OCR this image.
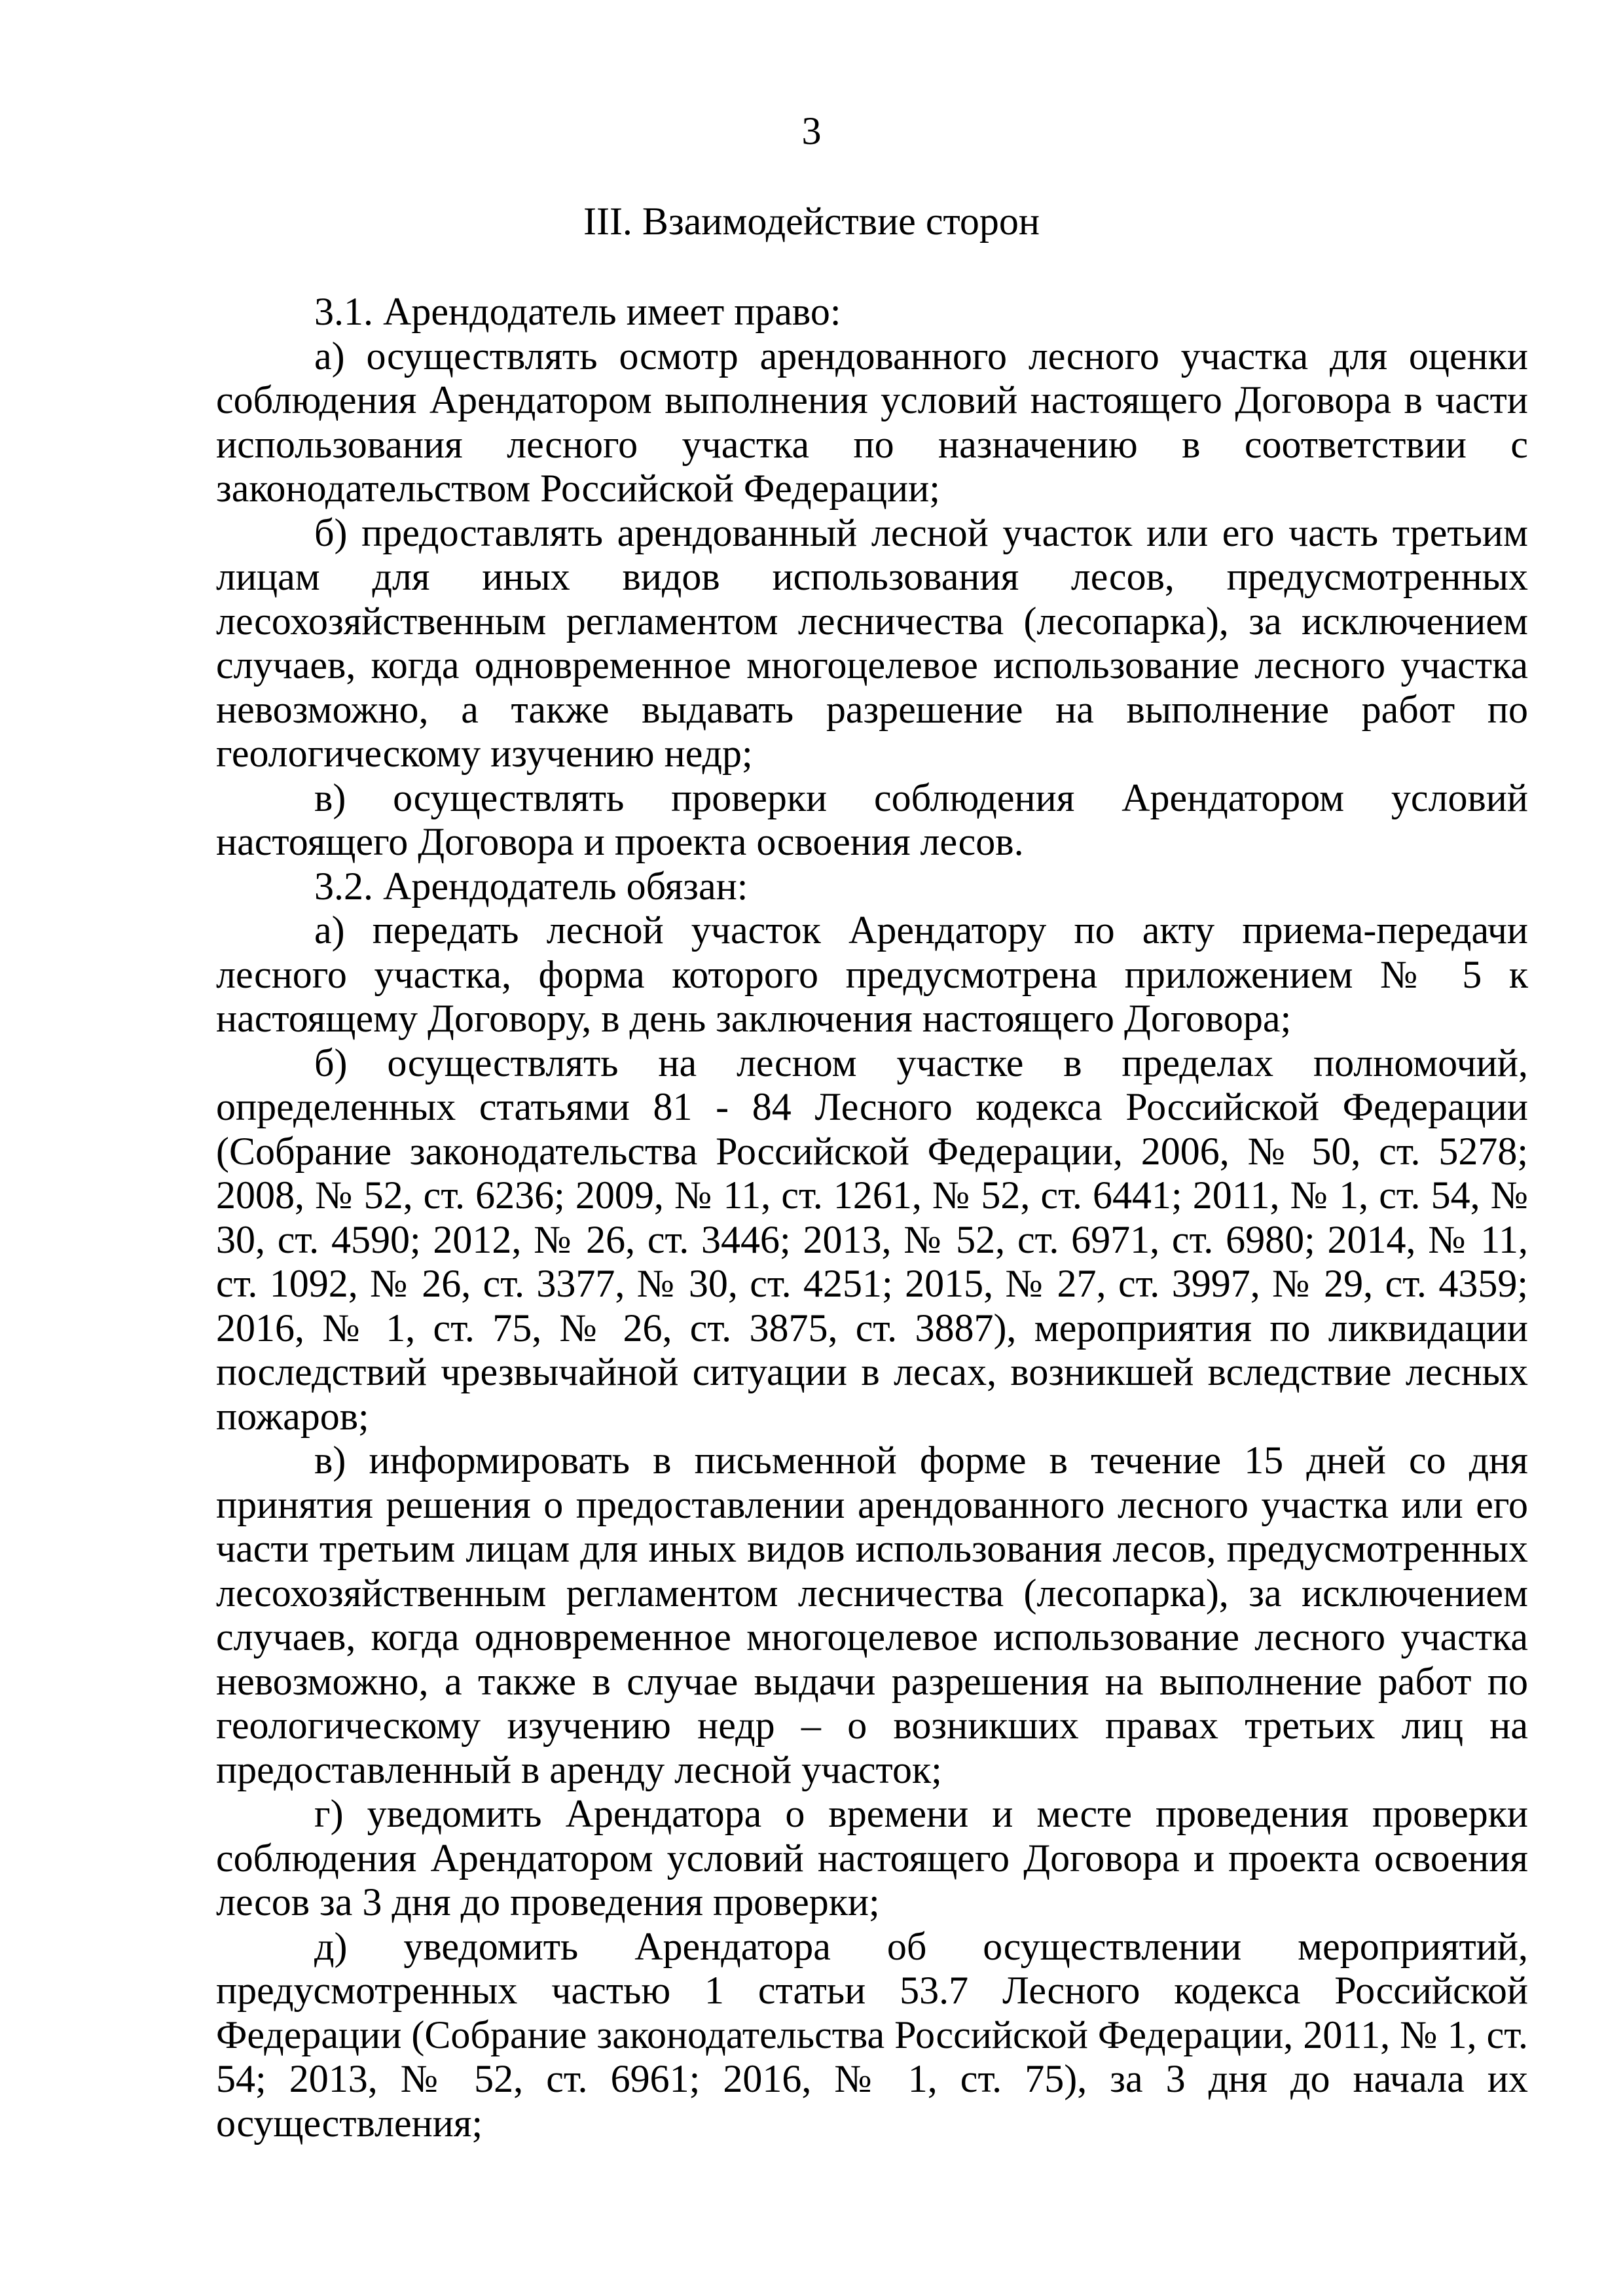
3
III. Взаимодействие сторон

3.1. Арендодатель имеет право:

а) осуществлять осмотр арендованного лесного участка для оценки соблюдения Арендатором выполнения условий настоящего Договора в части использования лесного участка по назначению в соответствии с законодательством Российской Федерации;

б) предоставлять арендованный лесной участок или его часть третьим лицам для иных видов использования лесов, предусмотренных лесохозяйственным регламентом лесничества (лесопарка), за исключением случаев, когда одновременное многоцелевое использование лесного участка невозможно, а также выдавать разрешение на выполнение работ по геологическому изучению недр;

в) осуществлять проверки соблюдения Арендатором условий настоящего Договора и проекта освоения лесов.

3.2. Арендодатель обязан:

а) передать лесной участок Арендатору по акту приема-передачи лесного участка, форма которого предусмотрена приложением № 5 к настоящему Договору, в день заключения настоящего Договора;

б) осуществлять на лесном участке в пределах полномочий, определенных статьями 81 - 84 Лесного кодекса Российской Федерации (Собрание законодательства Российской Федерации, 2006, № 50, ст. 5278; 2008, № 52, ст. 6236; 2009, № 11, ст. 1261, № 52, ст. 6441; 2011, № 1, ст. 54, № 30, ст. 4590; 2012, № 26, ст. 3446; 2013, № 52, ст. 6971, ст. 6980; 2014, № 11, ст. 1092, № 26, ст. 3377, № 30, ст. 4251; 2015, № 27, ст. 3997, № 29, ст. 4359; 2016, № 1, ст. 75, № 26, ст. 3875, ст. 3887), мероприятия по ликвидации последствий чрезвычайной ситуации в лесах, возникшей вследствие лесных пожаров;

в) информировать в письменной форме в течение 15 дней со дня принятия решения о предоставлении арендованного лесного участка или его части третьим лицам для иных видов использования лесов, предусмотренных лесохозяйственным регламентом лесничества (лесопарка), за исключением случаев, когда одновременное многоцелевое использование лесного участка невозможно, а также в случае выдачи разрешения на выполнение работ по геологическому изучению недр – о возникших правах третьих лиц на предоставленный в аренду лесной участок;

г) уведомить Арендатора о времени и месте проведения проверки соблюдения Арендатором условий настоящего Договора и проекта освоения лесов за 3 дня до проведения проверки;

д) уведомить Арендатора об осуществлении мероприятий, предусмотренных частью 1 статьи 53.7 Лесного кодекса Российской Федерации (Собрание законодательства Российской Федерации, 2011, № 1, ст. 54; 2013, № 52, ст. 6961; 2016, № 1, ст. 75), за 3 дня до начала их осуществления;
